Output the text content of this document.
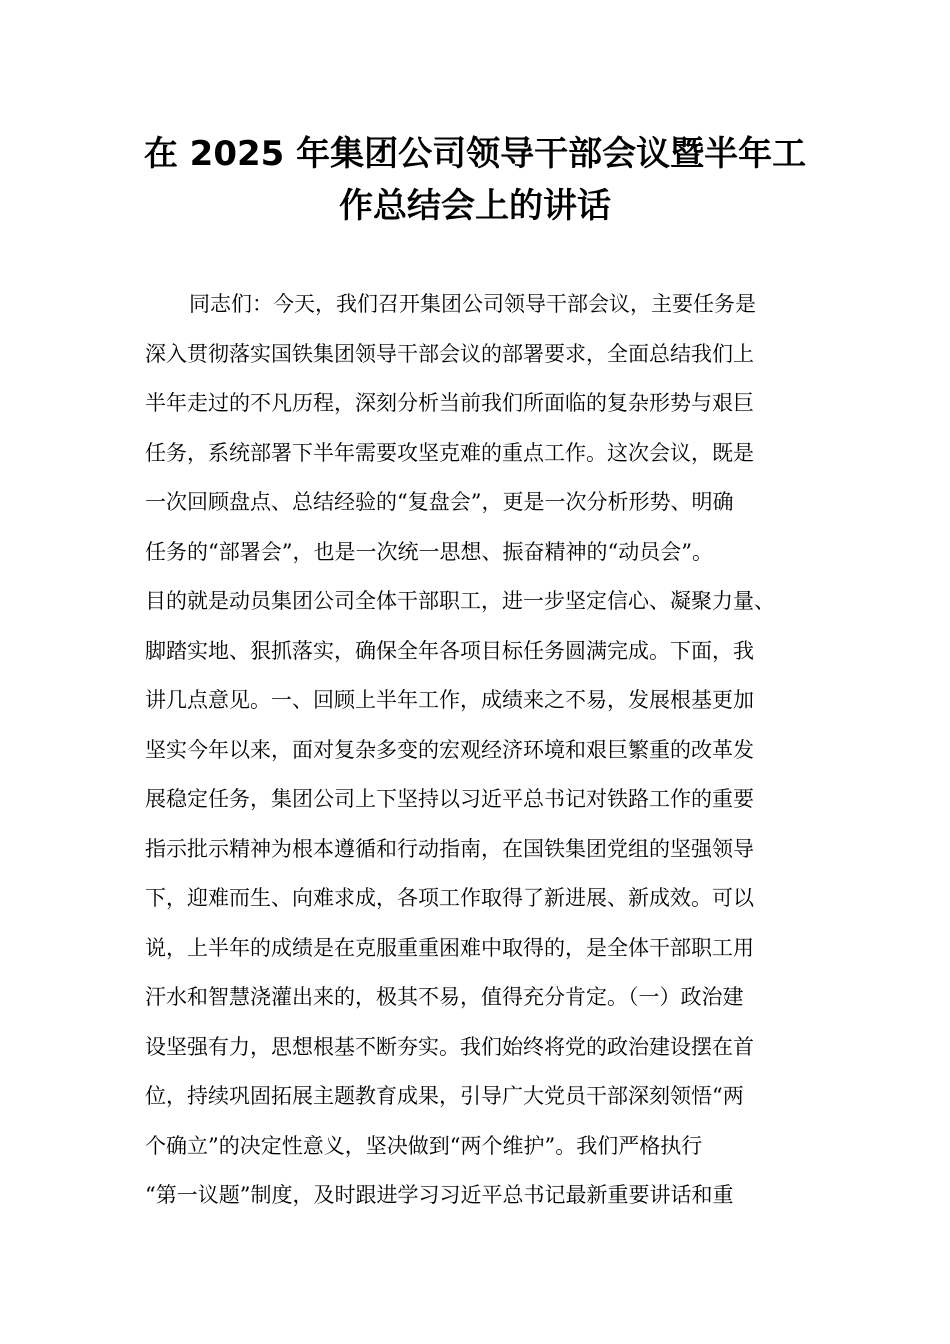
在 2025 年集团公司领导干部会议暨半年工
作总结会上的讲话
同志们：今天，我们召开集团公司领导干部会议，主要任务是
深入贯彻落实国铁集团领导干部会议的部署要求，全面总结我们上
半年走过的不凡历程，深刻分析当前我们所面临的复杂形势与艰巨
任务，系统部署下半年需要攻坚克难的重点工作。这次会议，既是
一次回顾盘点、总结经验的“复盘会”，更是一次分析形势、明确
任务的“部署会”，也是一次统一思想、振奋精神的“动员会”。
目的就是动员集团公司全体干部职工，进一步坚定信心、凝聚力量、
脚踏实地、狠抓落实，确保全年各项目标任务圆满完成。下面，我
讲几点意见。一、回顾上半年工作，成绩来之不易，发展根基更加
坚实今年以来，面对复杂多变的宏观经济环境和艰巨繁重的改革发
展稳定任务，集团公司上下坚持以习近平总书记对铁路工作的重要
指示批示精神为根本遵循和行动指南，在国铁集团党组的坚强领导
下，迎难而生、向难求成，各项工作取得了新进展、新成效。可以
说，上半年的成绩是在克服重重困难中取得的，是全体干部职工用
汗水和智慧浇灌出来的，极其不易，值得充分肯定。（一）政治建
设坚强有力，思想根基不断夯实。我们始终将党的政治建设摆在首
位，持续巩固拓展主题教育成果，引导广大党员干部深刻领悟“两
个确立”的决定性意义，坚决做到“两个维护”。我们严格执行
“第一议题”制度，及时跟进学习习近平总书记最新重要讲话和重
